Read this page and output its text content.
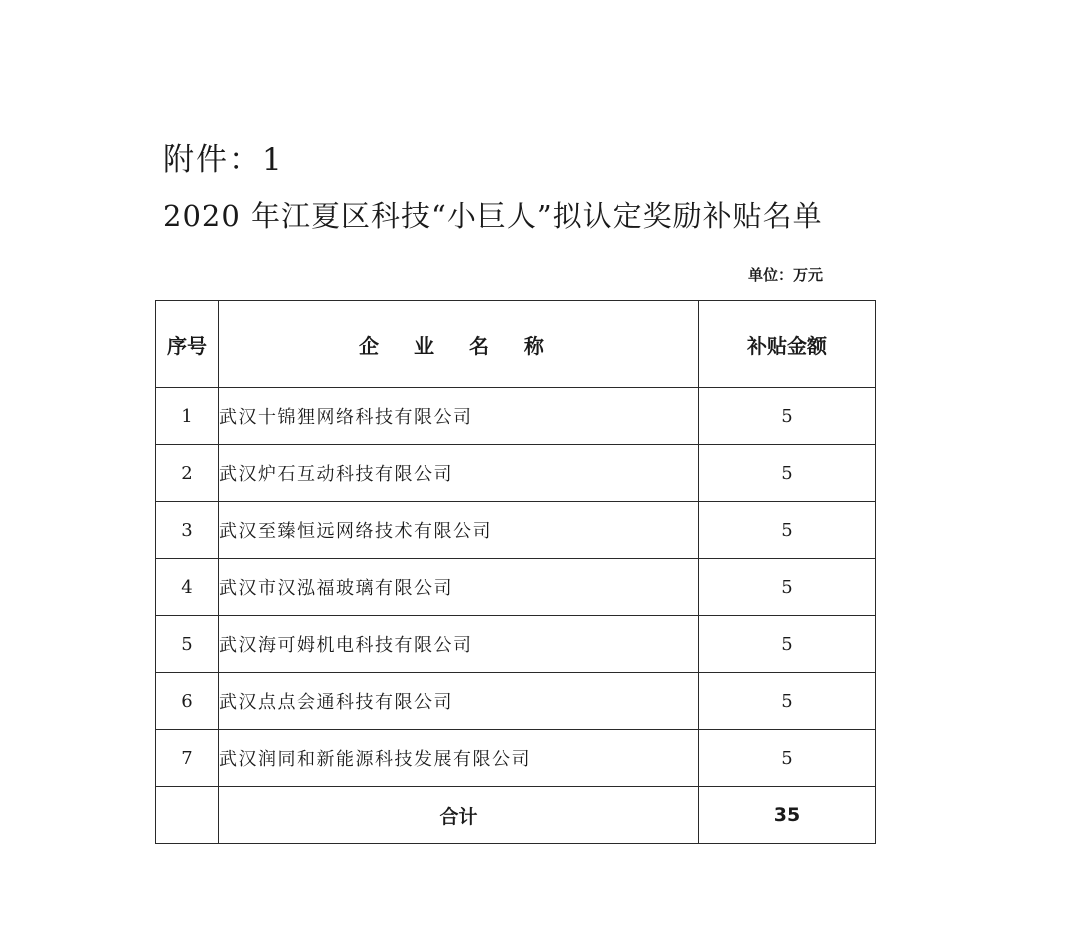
附件：1
2020 年江夏区科技“小巨人”拟认定奖励补贴名单
单位：万元
序号	企 业 名 称	补贴金额
1	武汉十锦狸网络科技有限公司	5
2	武汉炉石互动科技有限公司	5
3	武汉至臻恒远网络技术有限公司	5
4	武汉市汉泓福玻璃有限公司	5
5	武汉海可姆机电科技有限公司	5
6	武汉点点会通科技有限公司	5
7	武汉润同和新能源科技发展有限公司	5
	合计	35
